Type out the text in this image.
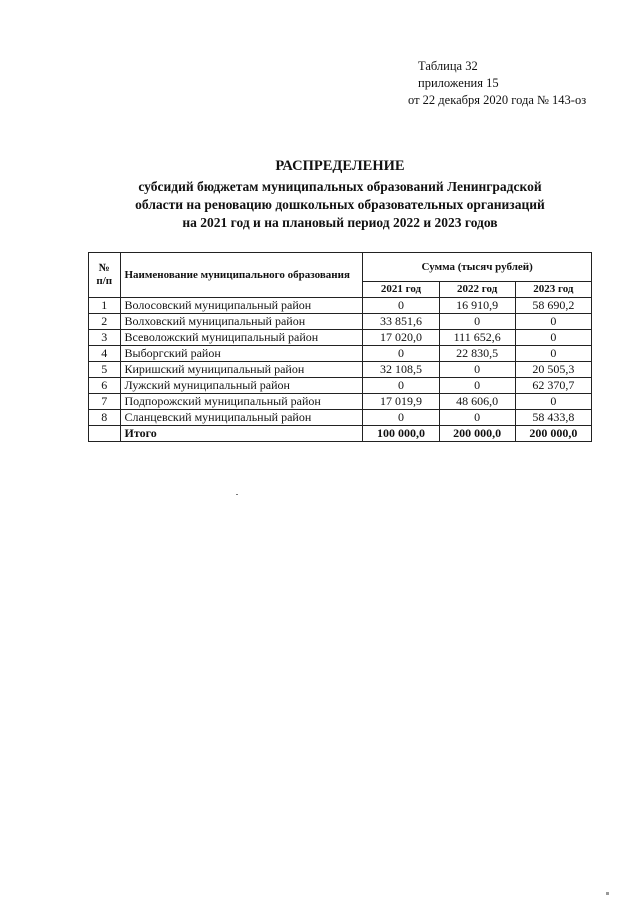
Таблица 32
приложения 15
от 22 декабря 2020 года № 143-оз
РАСПРЕДЕЛЕНИЕ
субсидий бюджетам муниципальных образований Ленинградской
области на реновацию дошкольных образовательных организаций
на 2021 год и на плановый период 2022 и 2023 годов
№ п/п	Наименование муниципального образования	Сумма (тысяч рублей)		
		2021 год	2022 год	2023 год
1	Волосовский муниципальный район	0	16 910,9	58 690,2
2	Волховский муниципальный район	33 851,6	0	0
3	Всеволожский муниципальный район	17 020,0	111 652,6	0
4	Выборгский район	0	22 830,5	0
5	Киришский муниципальный район	32 108,5	0	20 505,3
6	Лужский муниципальный район	0	0	62 370,7
7	Подпорожский муниципальный район	17 019,9	48 606,0	0
8	Сланцевский муниципальный район	0	0	58 433,8
	Итого	100 000,0	200 000,0	200 000,0
